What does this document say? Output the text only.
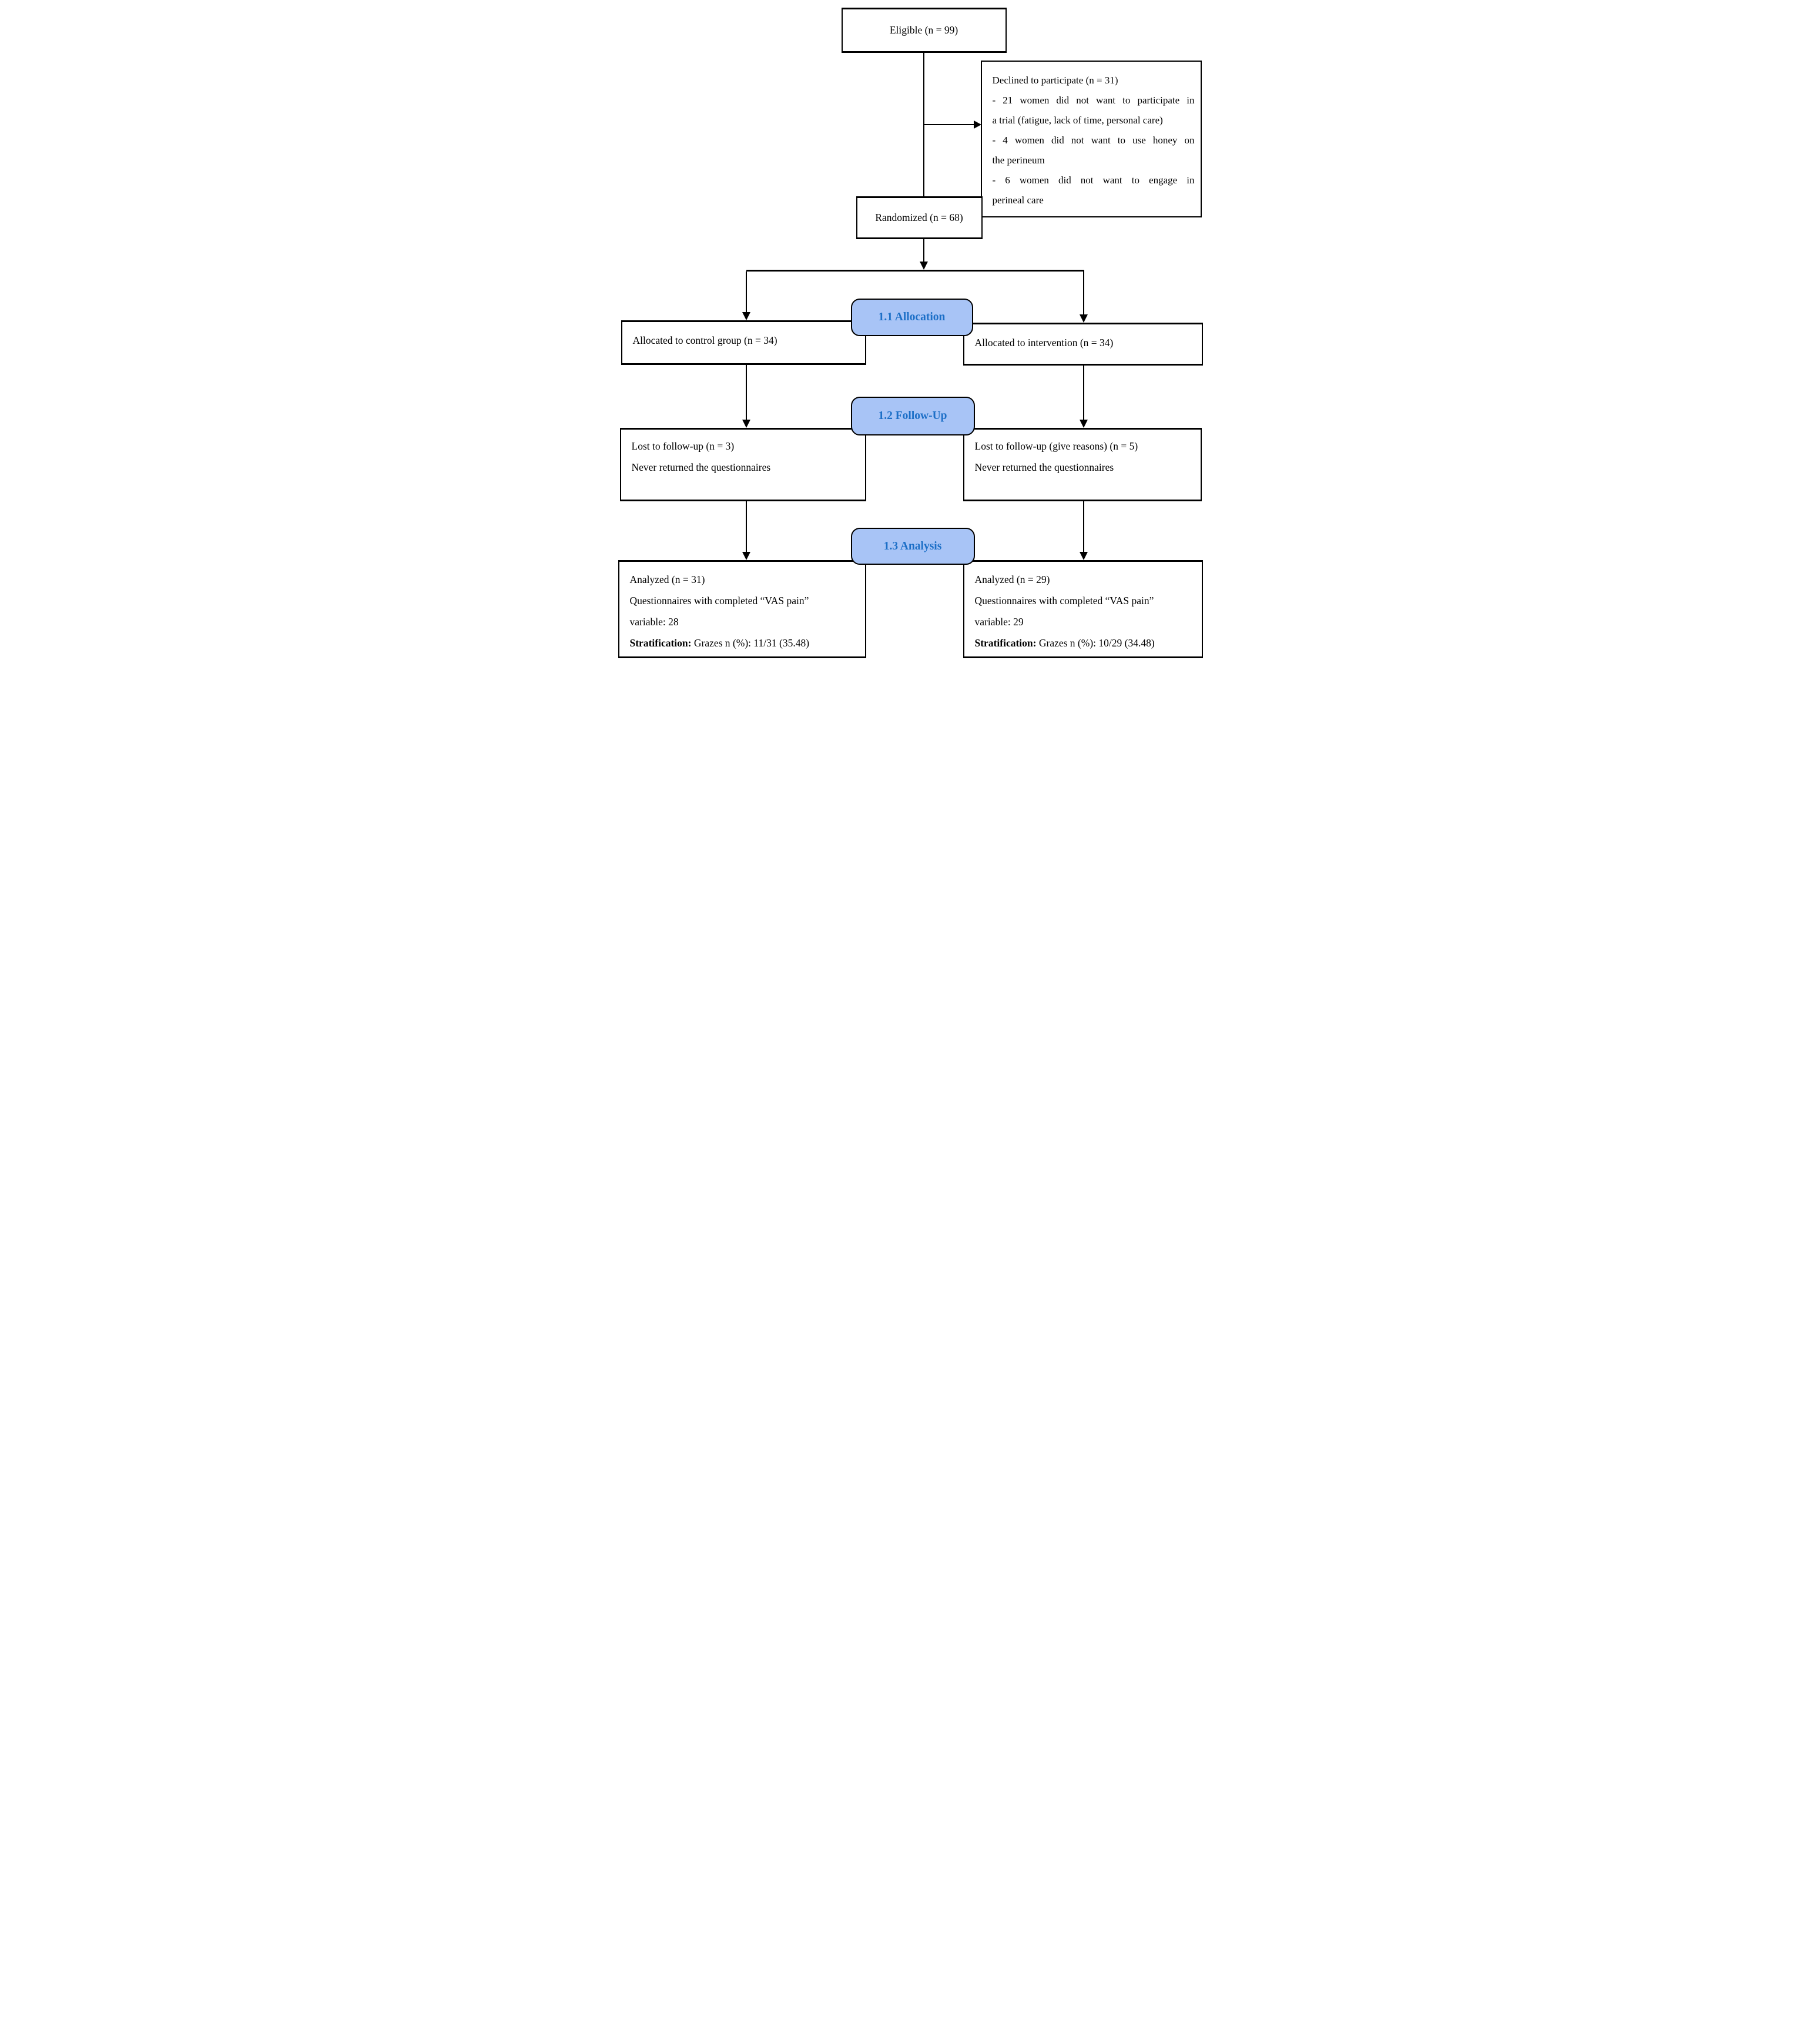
Eligible (n = 99)
Declined to participate (n = 31)
- 21 women did not want to participate in
a trial (fatigue, lack of time, personal care)
- 4 women did not want to use honey on
the perineum
- 6 women did not want to engage in
perineal care
Randomized (n = 68)
Allocated to control group (n = 34)	Allocated to intervention (n = 34)
1.1 Allocation
Lost to follow-up (n = 3)
Never returned the questionnaires
Lost to follow-up (give reasons) (n = 5)
Never returned the questionnaires
1.2 Follow-Up
Analyzed (n = 31)
Questionnaires with completed “VAS pain”
variable: 28
Stratification: Grazes n (%): 11/31 (35.48)
Analyzed (n = 29)
Questionnaires with completed “VAS pain”
variable: 29
Stratification: Grazes n (%): 10/29 (34.48)
1.3 Analysis
